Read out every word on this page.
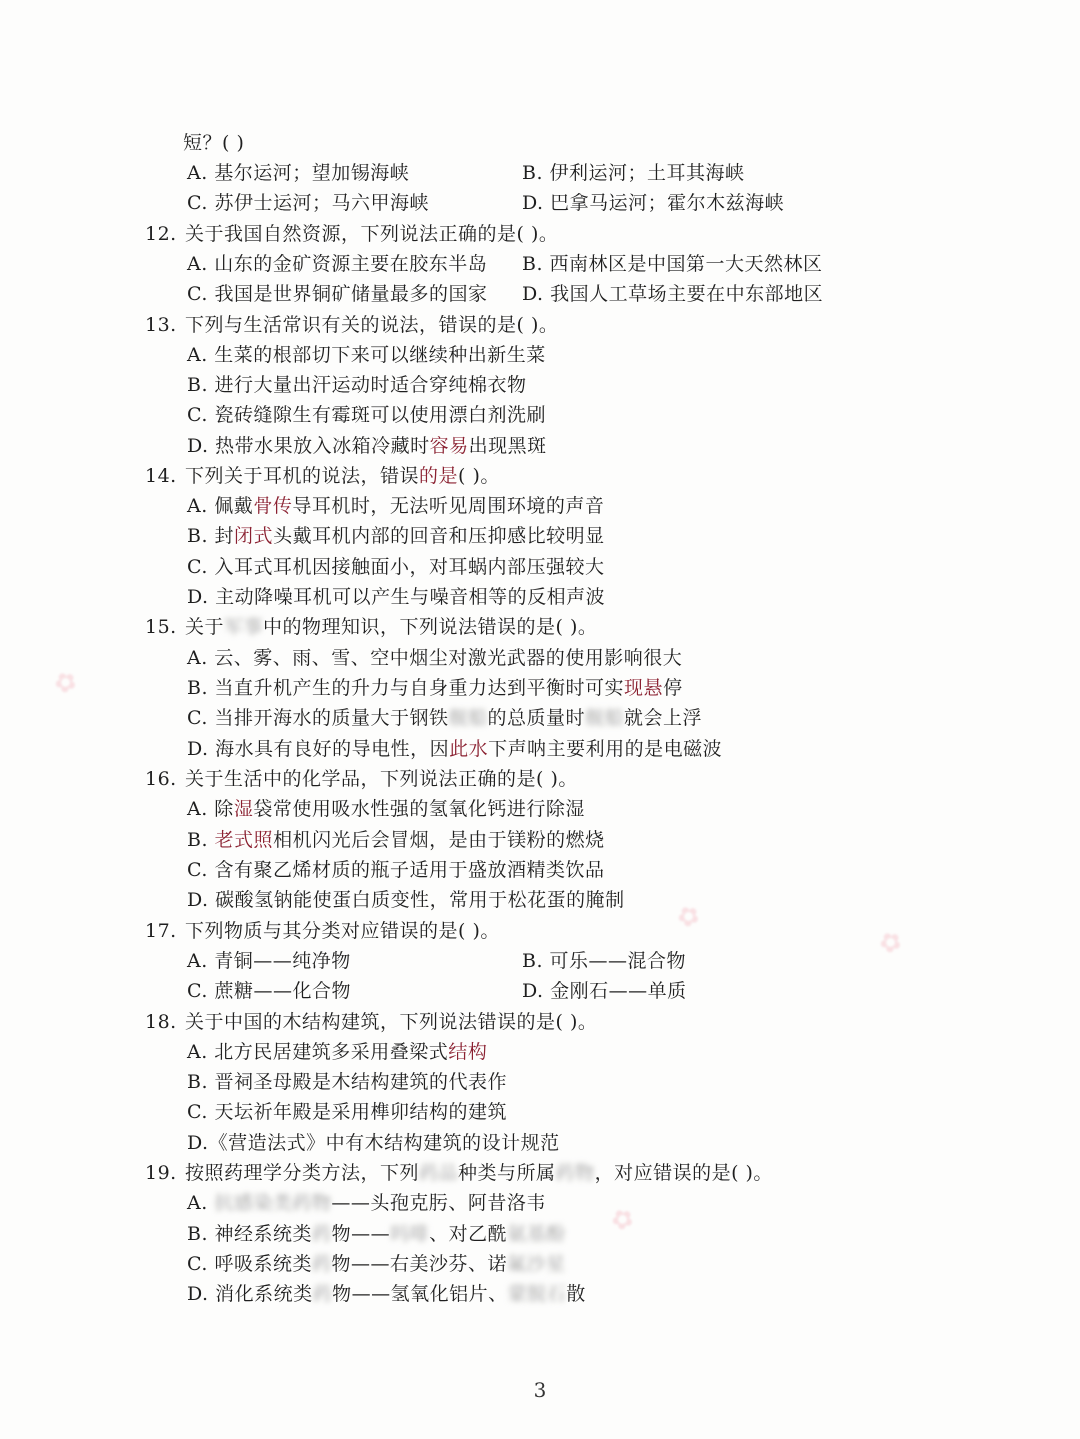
✿
✿
✿
✿
短？( )
A. 基尔运河；望加锡海峡	B. 伊利运河；土耳其海峡
C. 苏伊士运河；马六甲海峡	D. 巴拿马运河；霍尔木兹海峡
12. 关于我国自然资源，下列说法正确的是( )。
A. 山东的金矿资源主要在胶东半岛 B. 西南林区是中国第一大天然林区
C. 我国是世界铜矿储量最多的国家 D. 我国人工草场主要在中东部地区
13. 下列与生活常识有关的说法，错误的是( )。
A. 生菜的根部切下来可以继续种出新生菜
B. 进行大量出汗运动时适合穿纯棉衣物
C. 瓷砖缝隙生有霉斑可以使用漂白剂洗刷
D. 热带水果放入冰箱冷藏时容易出现黑斑
14. 下列关于耳机的说法，错误的是( )。
A. 佩戴骨传导耳机时，无法听见周围环境的声音
B. 封闭式头戴耳机内部的回音和压抑感比较明显
C. 入耳式耳机因接触面小，对耳蜗内部压强较大
D. 主动降噪耳机可以产生与噪音相等的反相声波
15. 关于军事中的物理知识，下列说法错误的是( )。
A. 云、雾、雨、雪、空中烟尘对激光武器的使用影响很大
B. 当直升机产生的升力与自身重力达到平衡时可实现悬停
C. 当排开海水的质量大于钢铁舰船的总质量时舰船就会上浮
D. 海水具有良好的导电性，因此水下声呐主要利用的是电磁波
16. 关于生活中的化学品，下列说法正确的是( )。
A. 除湿袋常使用吸水性强的氢氧化钙进行除湿
B. 老式照相机闪光后会冒烟，是由于镁粉的燃烧
C. 含有聚乙烯材质的瓶子适用于盛放酒精类饮品
D. 碳酸氢钠能使蛋白质变性，常用于松花蛋的腌制
17. 下列物质与其分类对应错误的是( )。
A. 青铜——纯净物	B. 可乐——混合物
C. 蔗糖——化合物	D. 金刚石——单质
18. 关于中国的木结构建筑，下列说法错误的是( )。
A. 北方民居建筑多采用叠梁式结构
B. 晋祠圣母殿是木结构建筑的代表作
C. 天坛祈年殿是采用榫卯结构的建筑
D.《营造法式》中有木结构建筑的设计规范
19. 按照药理学分类方法，下列药品种类与所属药物，对应错误的是( )。
A. 抗感染类药物——头孢克肟、阿昔洛韦
B. 神经系统类药物——吗啡、对乙酰氨基酚
C. 呼吸系统类药物——右美沙芬、诺氟沙星
D. 消化系统类药物——氢氧化铝片、蒙脱石散
3
